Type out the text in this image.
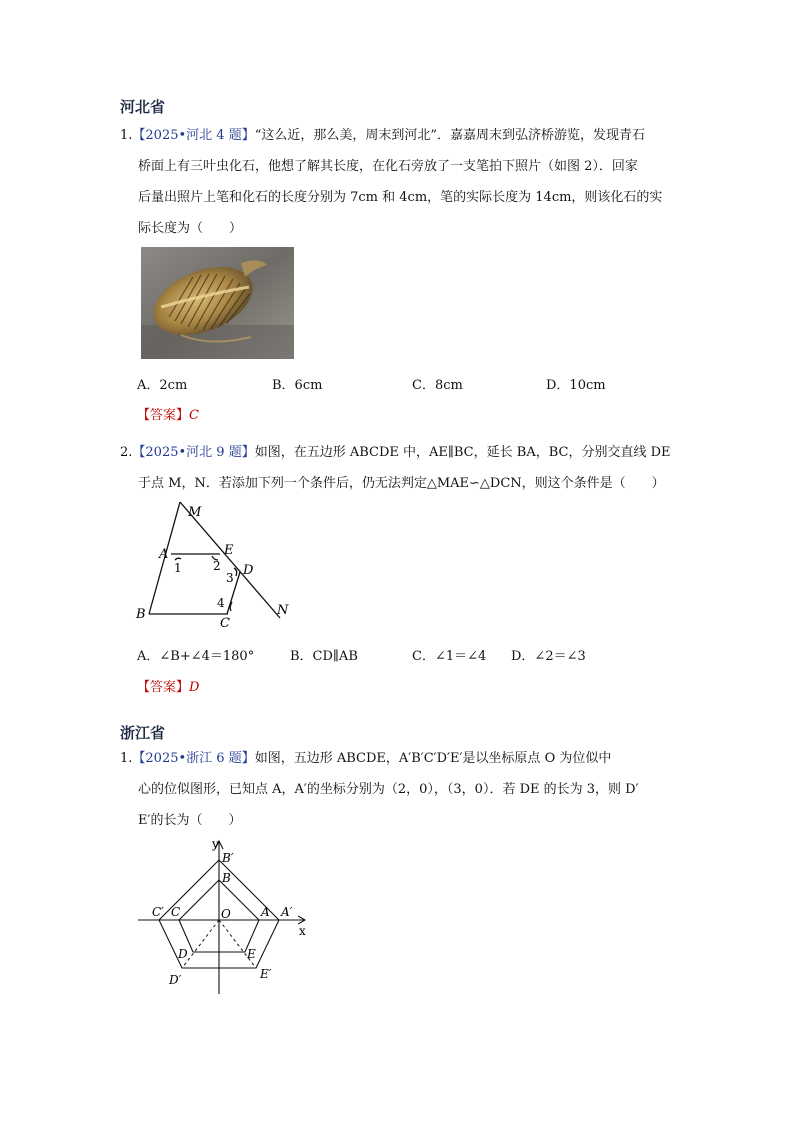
河北省
1.【2025•河北 4 题】“这么近，那么美，周末到河北”．嘉嘉周末到弘济桥游览，发现青石
桥面上有三叶虫化石，他想了解其长度，在化石旁放了一支笔拍下照片（如图 2）．回家
后量出照片上笔和化石的长度分别为 7cm 和 4cm，笔的实际长度为 14cm，则该化石的实
际长度为（　　）
A．2cm	B．6cm	C．8cm	D．10cm
【答案】C
2.【2025•河北 9 题】如图，在五边形 ABCDE 中，AE∥BC，延长 BA，BC，分别交直线 DE
于点 M，N．若添加下列一个条件后，仍无法判定△MAE∽△DCN，则这个条件是（　　）
M
A	E
D
B
C
N
1	2
3
4
A．∠B+∠4＝180°	B．CD∥AB	C．∠1＝∠4 D．∠2＝∠3
【答案】D
浙江省
1.【2025•浙江 6 题】如图，五边形 ABCDE，A′B′C′D′E′是以坐标原点 O 为位似中
心的位似图形，已知点 A，A′的坐标分别为（2，0），（3，0）．若 DE 的长为 3，则 D′
E′的长为（　　）
y
x
O
B′
B
C′ C	A A′
D	E
D′	E′
